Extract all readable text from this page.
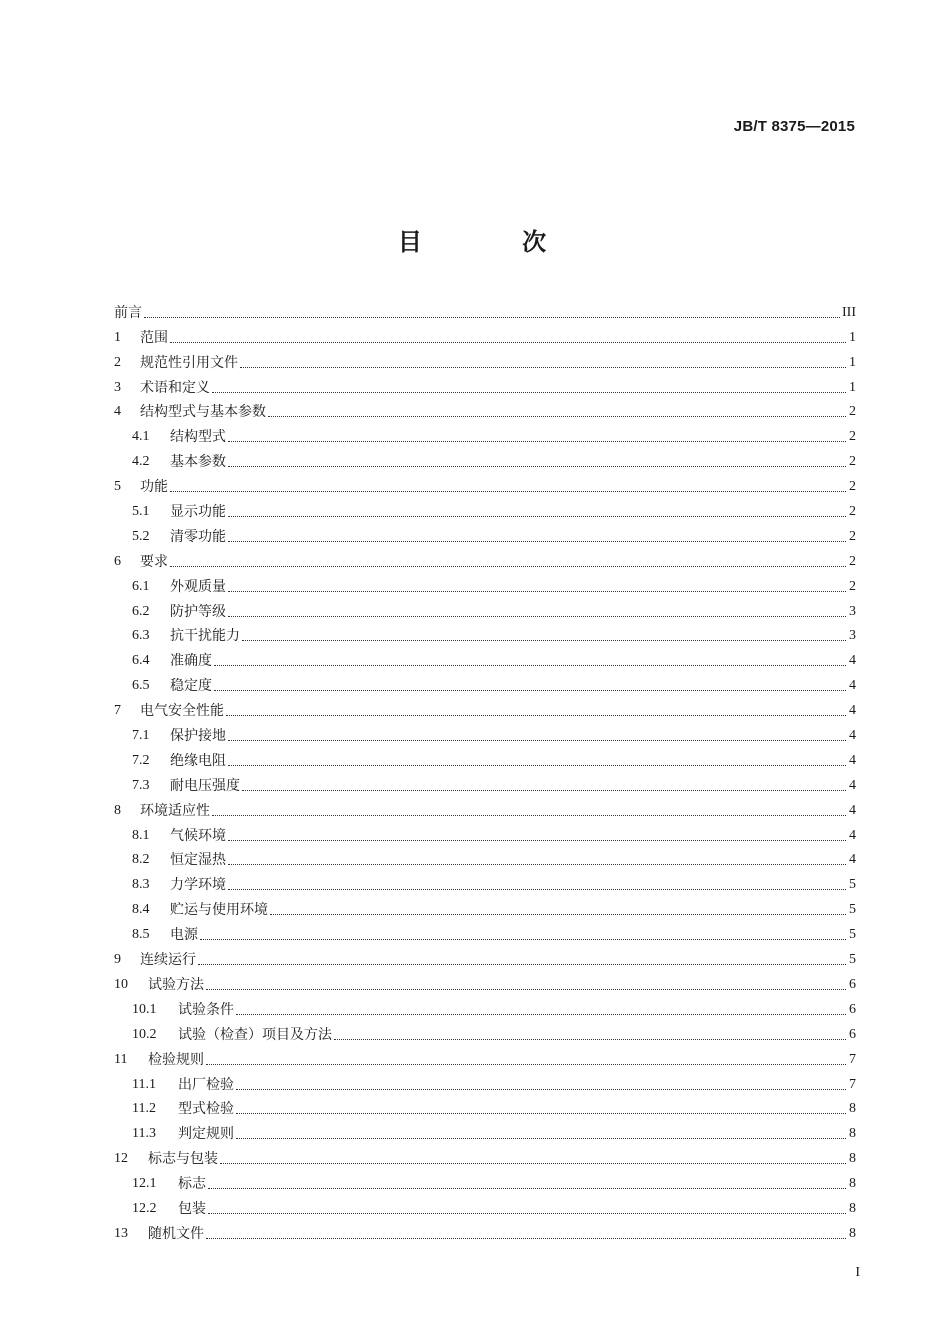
JB/T 8375—2015
目 次
前言	III
1	范围	1
2	规范性引用文件	1
3	术语和定义	1
4	结构型式与基本参数	2
4.1	结构型式	2
4.2	基本参数	2
5	功能	2
5.1	显示功能	2
5.2	清零功能	2
6	要求	2
6.1	外观质量	2
6.2	防护等级	3
6.3	抗干扰能力	3
6.4	准确度	4
6.5	稳定度	4
7	电气安全性能	4
7.1	保护接地	4
7.2	绝缘电阻	4
7.3	耐电压强度	4
8	环境适应性	4
8.1	气候环境	4
8.2	恒定湿热	4
8.3	力学环境	5
8.4	贮运与使用环境	5
8.5	电源	5
9	连续运行	5
10	试验方法	6
10.1	试验条件	6
10.2	试验（检查）项目及方法	6
11	检验规则	7
11.1	出厂检验	7
11.2	型式检验	8
11.3	判定规则	8
12	标志与包装	8
12.1	标志	8
12.2	包装	8
13	随机文件	8
I
